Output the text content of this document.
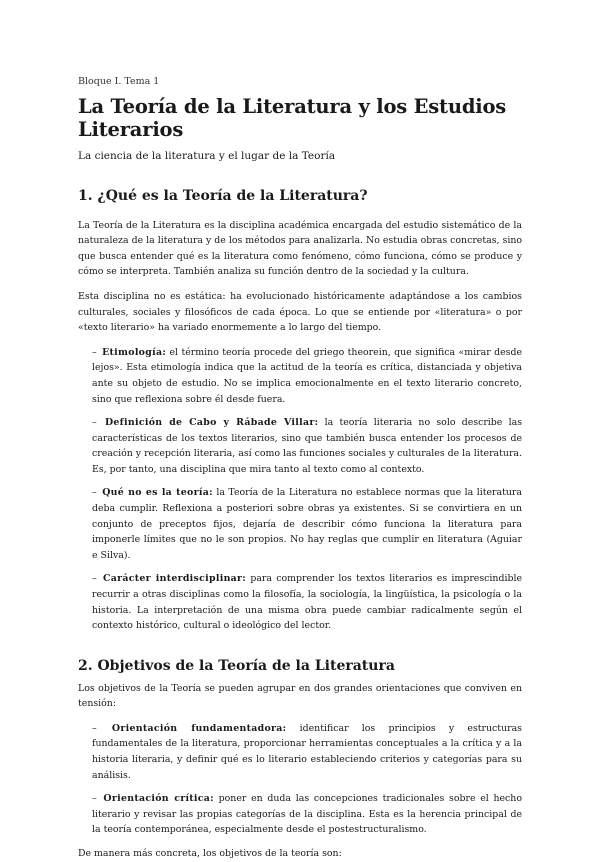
Bloque I. Tema 1
La Teoría de la Literatura y los Estudios Literarios
La ciencia de la literatura y el lugar de la Teoría
1. ¿Qué es la Teoría de la Literatura?

La Teoría de la Literatura es la disciplina académica encargada del estudio sistemático de la naturaleza de la literatura y de los métodos para analizarla. No estudia obras concretas, sino que busca entender qué es la literatura como fenómeno, cómo funciona, cómo se produce y cómo se interpreta. También analiza su función dentro de la sociedad y la cultura.

Esta disciplina no es estática: ha evolucionado históricamente adaptándose a los cambios culturales, sociales y filosóficos de cada época. Lo que se entiende por «literatura» o por «texto literario» ha variado enormemente a lo largo del tiempo.

– Etimología: el término teoría procede del griego theorein, que significa «mirar desde lejos». Esta etimología indica que la actitud de la teoría es crítica, distanciada y objetiva ante su objeto de estudio. No se implica emocionalmente en el texto literario concreto, sino que reflexiona sobre él desde fuera.

– Definición de Cabo y Rábade Villar: la teoría literaria no solo describe las características de los textos literarios, sino que también busca entender los procesos de creación y recepción literaria, así como las funciones sociales y culturales de la literatura. Es, por tanto, una disciplina que mira tanto al texto como al contexto.

– Qué no es la teoría: la Teoría de la Literatura no establece normas que la literatura deba cumplir. Reflexiona a posteriori sobre obras ya existentes. Si se convirtiera en un conjunto de preceptos fijos, dejaría de describir cómo funciona la literatura para imponerle límites que no le son propios. No hay reglas que cumplir en literatura (Aguiar e Silva).

– Carácter interdisciplinar: para comprender los textos literarios es imprescindible recurrir a otras disciplinas como la filosofía, la sociología, la lingüística, la psicología o la historia. La interpretación de una misma obra puede cambiar radicalmente según el contexto histórico, cultural o ideológico del lector.

2. Objetivos de la Teoría de la Literatura

Los objetivos de la Teoría se pueden agrupar en dos grandes orientaciones que conviven en tensión:

– Orientación fundamentadora: identificar los principios y estructuras fundamentales de la literatura, proporcionar herramientas conceptuales a la crítica y a la historia literaria, y definir qué es lo literario estableciendo criterios y categorías para su análisis.

– Orientación crítica: poner en duda las concepciones tradicionales sobre el hecho literario y revisar las propias categorías de la disciplina. Esta es la herencia principal de la teoría contemporánea, especialmente desde el postestructuralismo.

De manera más concreta, los objetivos de la teoría son:
